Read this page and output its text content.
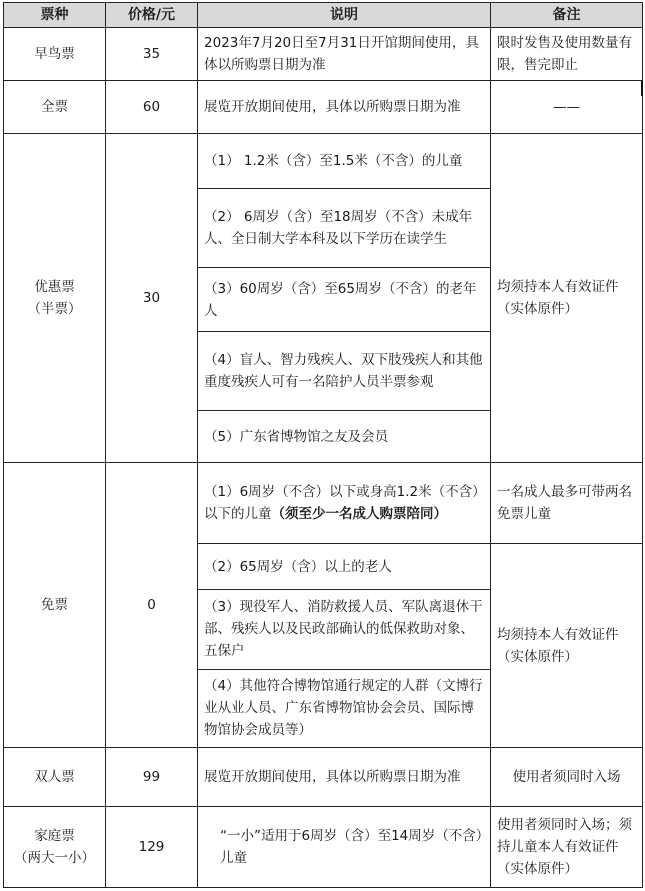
票种	价格/元	说明	备注
早鸟票	35	2023年7月20日至7月31日开馆期间使用，具体以所购票日期为准	限时发售及使用数量有限，售完即止
全票	60	展览开放期间使用，具体以所购票日期为准	——

优惠票
（半票）	30	（1） 1.2米（含）至1.5米（不含）的儿童	均须持本人有效证件（实体原件）
		（2） 6周岁（含）至18周岁（不含）未成年人、全日制大学本科及以下学历在读学生	
		（3）60周岁（含）至65周岁（不含）的老年人	
		（4）盲人、智力残疾人、双下肢残疾人和其他重度残疾人可有一名陪护人员半票参观	
		（5）广东省博物馆之友及会员	
免票	0	（1）6周岁（不含）以下或身高1.2米（不含）以下的儿童（须至少一名成人购票陪同）	一名成人最多可带两名免票儿童
		（2）65周岁（含）以上的老人	均须持本人有效证件（实体原件）
		（3）现役军人、消防救援人员、军队离退休干部、残疾人以及民政部确认的低保救助对象、五保户	
		（4）其他符合博物馆通行规定的人群（文博行业从业人员、广东省博物馆协会会员、国际博物馆协会成员等）	
双人票	99	展览开放期间使用，具体以所购票日期为准	使用者须同时入场

家庭票
（两大一小）	129	“一小”适用于6周岁（含）至14周岁（不含）儿童	使用者须同时入场；须持儿童本人有效证件（实体原件）
